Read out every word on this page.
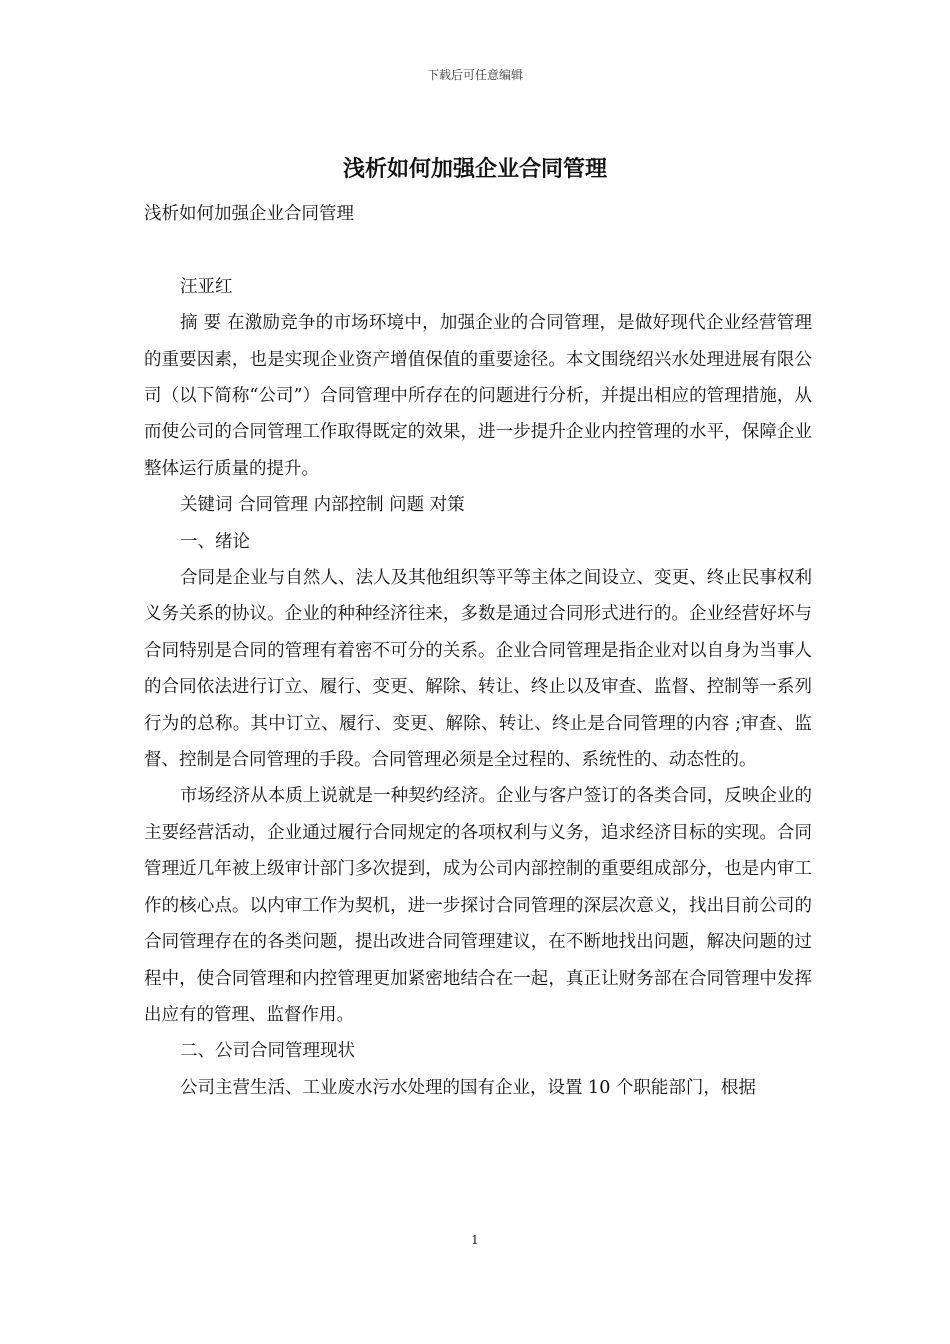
下载后可任意编辑
浅析如何加强企业合同管理

浅析如何加强企业合同管理

汪亚红

摘 要 在激励竞争的市场环境中，加强企业的合同管理，是做好现代企业经营管理的重要因素，也是实现企业资产增值保值的重要途径。本文围绕绍兴水处理进展有限公司（以下简称“公司”）合同管理中所存在的问题进行分析，并提出相应的管理措施，从而使公司的合同管理工作取得既定的效果，进一步提升企业内控管理的水平，保障企业整体运行质量的提升。

关键词 合同管理 内部控制 问题 对策

一、绪论

合同是企业与自然人、法人及其他组织等平等主体之间设立、变更、终止民事权利义务关系的协议。企业的种种经济往来，多数是通过合同形式进行的。企业经营好坏与合同特别是合同的管理有着密不可分的关系。企业合同管理是指企业对以自身为当事人的合同依法进行订立、履行、变更、解除、转让、终止以及审查、监督、控制等一系列行为的总称。其中订立、履行、变更、解除、转让、终止是合同管理的内容 ;审查、监督、控制是合同管理的手段。合同管理必须是全过程的、系统性的、动态性的。

市场经济从本质上说就是一种契约经济。企业与客户签订的各类合同，反映企业的主要经营活动，企业通过履行合同规定的各项权利与义务，追求经济目标的实现。合同管理近几年被上级审计部门多次提到，成为公司内部控制的重要组成部分，也是内审工作的核心点。以内审工作为契机，进一步探讨合同管理的深层次意义，找出目前公司的合同管理存在的各类问题，提出改进合同管理建议，在不断地找出问题，解决问题的过程中，使合同管理和内控管理更加紧密地结合在一起，真正让财务部在合同管理中发挥出应有的管理、监督作用。

二、公司合同管理现状

公司主营生活、工业废水污水处理的国有企业，设置 10 个职能部门，根据

1
